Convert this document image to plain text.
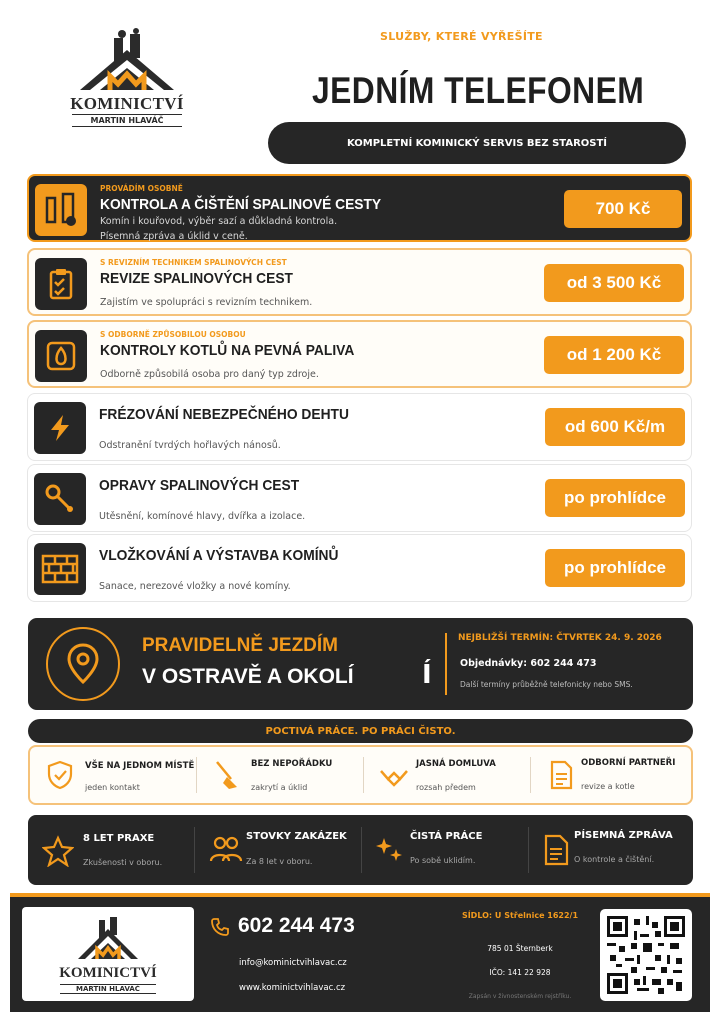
KOMINICTVÍ
MARTIN HLAVÁČ
SLUŽBY, KTERÉ VYŘEŠÍTE
JEDNÍM TELEFONEM
KOMPLETNÍ KOMINICKÝ SERVIS BEZ STAROSTÍ
PROVÁDÍM OSOBNĚ
KONTROLA A ČIŠTĚNÍ SPALINOVÉ CESTY
Komín i kouřovod, výběr sazí a důkladná kontrola.
Písemná zpráva a úklid v ceně.
700 Kč
S REVIZNÍM TECHNIKEM SPALINOVÝCH CEST
REVIZE SPALINOVÝCH CEST
Zajistím ve spolupráci s revizním technikem.
od 3 500 Kč
S ODBORNĚ ZPŮSOBILOU OSOBOU
KONTROLY KOTLŮ NA PEVNÁ PALIVA
Odborně způsobilá osoba pro daný typ zdroje.
od 1 200 Kč
FRÉZOVÁNÍ NEBEZPEČNÉHO DEHTU
Odstranění tvrdých hořlavých nánosů.
od 600 Kč/m
OPRAVY SPALINOVÝCH CEST
Utěsnění, komínové hlavy, dvířka a izolace.
po prohlídce
VLOŽKOVÁNÍ A VÝSTAVBA KOMÍNŮ
Sanace, nerezové vložky a nové komíny.
po prohlídce
PRAVIDELNĚ JEZDÍM
V OSTRAVĚ A OKOLÍ	Í
NEJBLIŽŠÍ TERMÍN: ČTVRTEK 24. 9. 2026
Objednávky: 602 244 473
Další termíny průběžně telefonicky nebo SMS.
POCTIVÁ PRÁCE. PO PRÁCI ČISTO.
VŠE NA JEDNOM MÍSTĚ
jeden kontakt
BEZ NEPOŘÁDKU
zakrytí a úklid
JASNÁ DOMLUVA
rozsah předem
ODBORNÍ PARTNEŘI
revize a kotle
8 LET PRAXE
Zkušenosti v oboru.
STOVKY ZAKÁZEK
Za 8 let v oboru.
ČISTÁ PRÁCE
Po sobě uklidím.
PÍSEMNÁ ZPRÁVA
O kontrole a čištění.
KOMINICTVÍ
MARTIN HLAVÁČ
602 244 473
info@kominictvihlavac.cz
www.kominictvihlavac.cz
SÍDLO: U Střelnice 1622/1
785 01 Šternberk
IČO: 141 22 928
Zapsán v živnostenském rejstříku.
